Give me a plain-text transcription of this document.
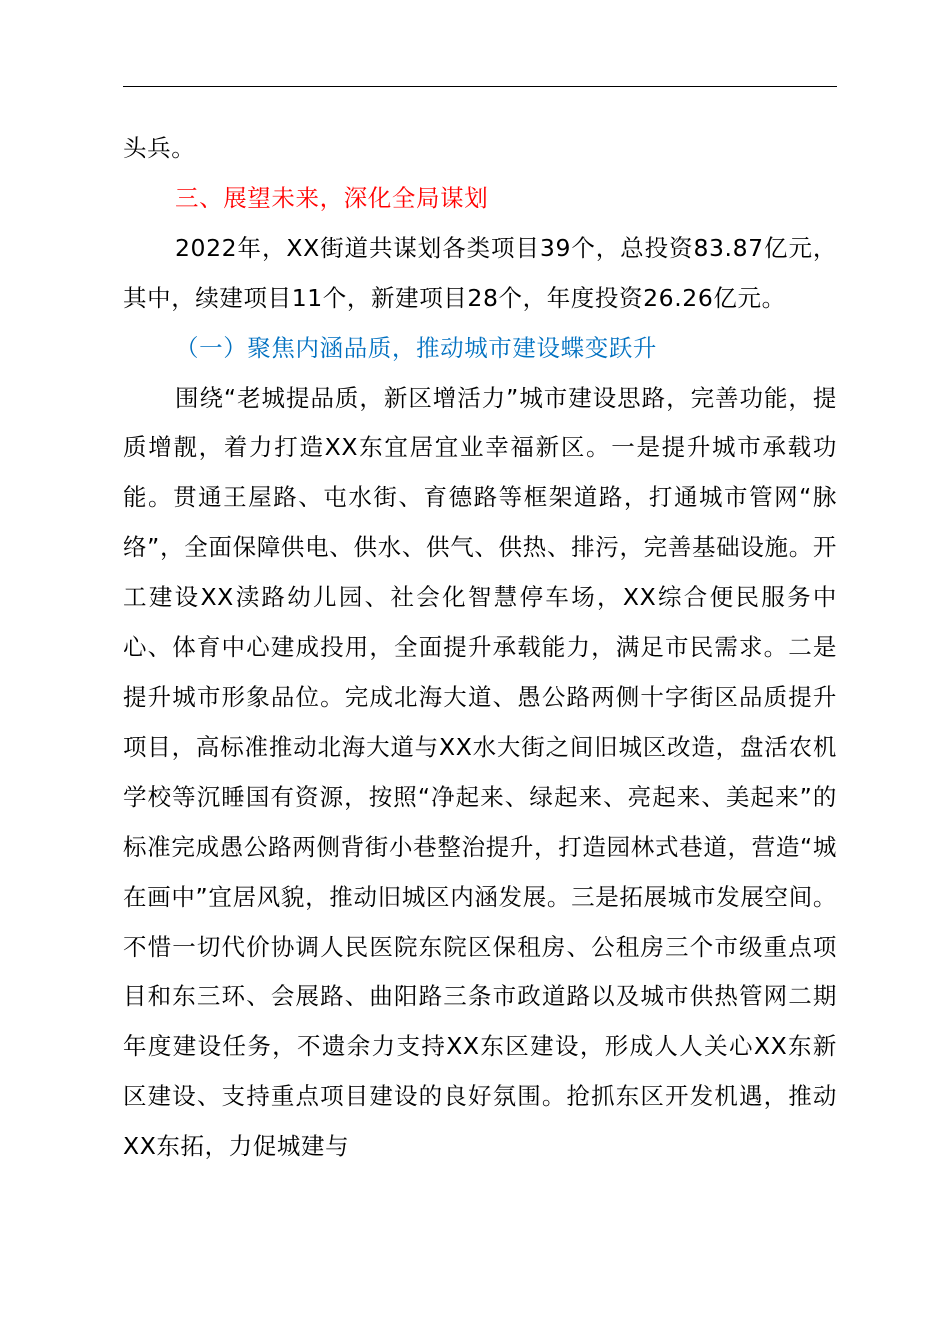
头兵。

三、展望未来，深化全局谋划

2022年，XX街道共谋划各类项目39个，总投资83.87亿元，其中，续建项目11个，新建项目28个，年度投资26.26亿元。

（一）聚焦内涵品质，推动城市建设蝶变跃升

围绕“老城提品质，新区增活力”城市建设思路，完善功能，提质增靓，着力打造XX东宜居宜业幸福新区。一是提升城市承载功能。贯通王屋路、屯水街、育德路等框架道路，打通城市管网“脉络”，全面保障供电、供水、供气、供热、排污，完善基础设施。开工建设XX渎路幼儿园、社会化智慧停车场，XX综合便民服务中心、体育中心建成投用，全面提升承载能力，满足市民需求。二是提升城市形象品位。完成北海大道、愚公路两侧十字街区品质提升项目，高标准推动北海大道与XX水大街之间旧城区改造，盘活农机学校等沉睡国有资源，按照“净起来、绿起来、亮起来、美起来”的标准完成愚公路两侧背街小巷整治提升，打造园林式巷道，营造“城在画中”宜居风貌，推动旧城区内涵发展。三是拓展城市发展空间。不惜一切代价协调人民医院东院区保租房、公租房三个市级重点项目和东三环、会展路、曲阳路三条市政道路以及城市供热管网二期年度建设任务，不遗余力支持XX东区建设，形成人人关心XX东新区建设、支持重点项目建设的良好氛围。抢抓东区开发机遇，推动XX东拓，力促城建与
